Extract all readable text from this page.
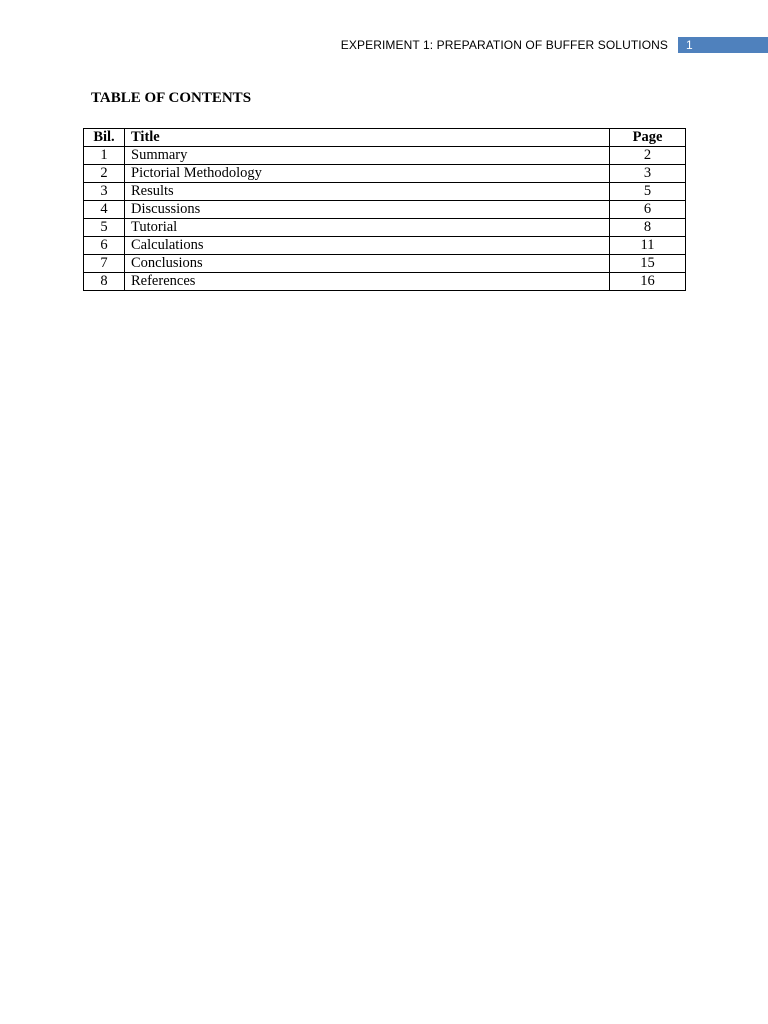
EXPERIMENT 1: PREPARATION OF BUFFER SOLUTIONS	1
TABLE OF CONTENTS
Bil.	Title	Page
1	Summary	2
2	Pictorial Methodology	3
3	Results	5
4	Discussions	6
5	Tutorial	8
6	Calculations	11
7	Conclusions	15
8	References	16
